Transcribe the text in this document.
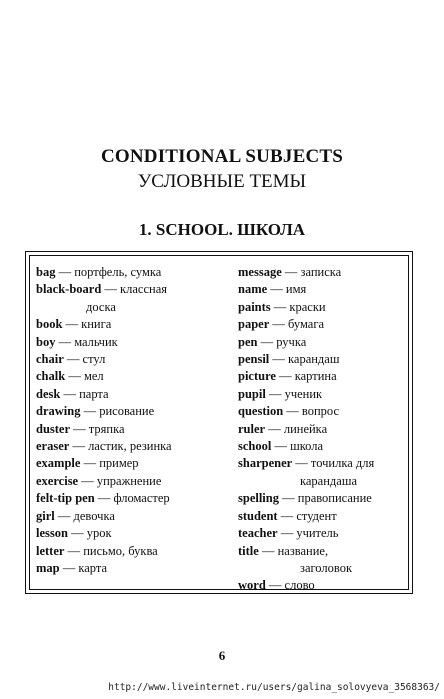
CONDITIONAL SUBJECTS
УСЛОВНЫЕ ТЕМЫ
1. SCHOOL. ШКОЛА
bag — портфель, сумка
black-board — классная
доска
book — книга
boy — мальчик
chair — стул
chalk — мел
desk — парта
drawing — рисование
duster — тряпка
eraser — ластик, резинка
example — пример
exercise — упражнение
felt-tip pen — фломастер
girl — девочка
lesson — урок
letter — письмо, буква
map — карта
message — записка
name — имя
paints — краски
paper — бумага
pen — ручка
pensil — карандаш
picture — картина
pupil — ученик
question — вопрос
ruler — линейка
school — школа
sharpener — точилка для
карандаша
spelling — правописание
student — студент
teacher — учитель
title — название,
заголовок
word — слово
6
http://www.liveinternet.ru/users/galina_solovyeva_3568363/
